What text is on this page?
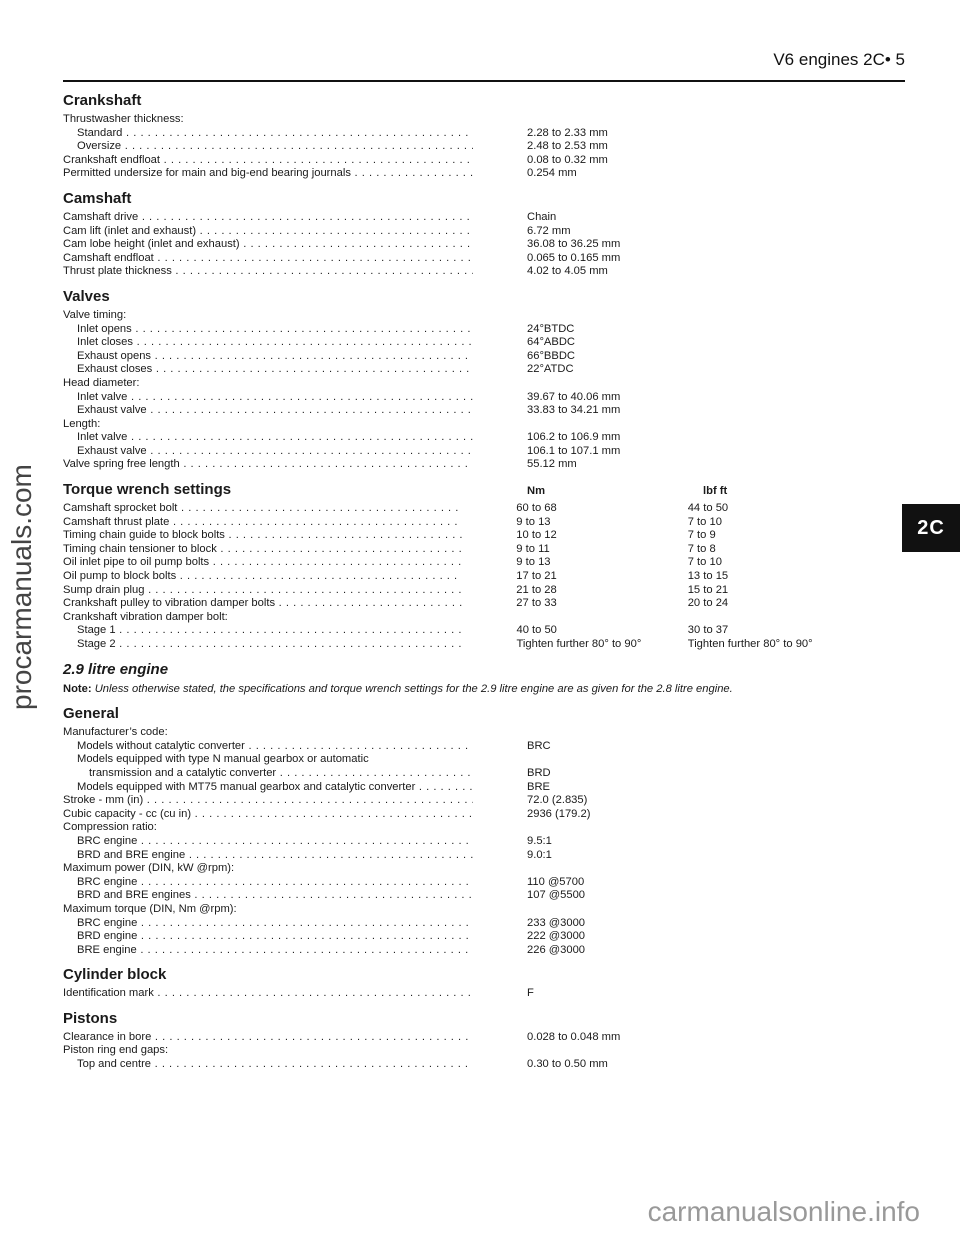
V6 engines 2C• 5
2C
procarmanuals.com
carmanualsonline.info
Crankshaft
Thrustwasher thickness:
Standard . . .	2.28 to 2.33 mm
Oversize . . .	2.48 to 2.53 mm
Crankshaft endfloat . . .	0.08 to 0.32 mm
Permitted undersize for main and big-end bearing journals . . .	0.254 mm
Camshaft
Camshaft drive . . .	Chain
Cam lift (inlet and exhaust) . . .	6.72 mm
Cam lobe height (inlet and exhaust) . . .	36.08 to 36.25 mm
Camshaft endfloat . . .	0.065 to 0.165 mm
Thrust plate thickness . . .	4.02 to 4.05 mm
Valves
Valve timing:
Inlet opens . . .	24°BTDC
Inlet closes . . .	64°ABDC
Exhaust opens . . .	66°BBDC
Exhaust closes . . .	22°ATDC
Head diameter:
Inlet valve . . .	39.67 to 40.06 mm
Exhaust valve . . .	33.83 to 34.21 mm
Length:
Inlet valve . . .	106.2 to 106.9 mm
Exhaust valve . . .	106.1 to 107.1 mm
Valve spring free length . . .	55.12 mm
Torque wrench settings	Nm	lbf ft
Camshaft sprocket bolt . . .	60 to 68	44 to 50
Camshaft thrust plate . . .	9 to 13	7 to 10
Timing chain guide to block bolts . . .	10 to 12	7 to 9
Timing chain tensioner to block . . .	9 to 11	7 to 8
Oil inlet pipe to oil pump bolts . . .	9 to 13	7 to 10
Oil pump to block bolts . . .	17 to 21	13 to 15
Sump drain plug . . .	21 to 28	15 to 21
Crankshaft pulley to vibration damper bolts . . .	27 to 33	20 to 24
Crankshaft vibration damper bolt:
Stage 1 . . .	40 to 50	30 to 37
Stage 2 . . .	Tighten further 80° to 90°	Tighten further 80° to 90°
2.9 litre engine
Note: Unless otherwise stated, the specifications and torque wrench settings for the 2.9 litre engine are as given for the 2.8 litre engine.
General
Manufacturer’s code:
Models without catalytic converter . . .	BRC
Models equipped with type N manual gearbox or automatic
transmission and a catalytic converter . . .	BRD
Models equipped with MT75 manual gearbox and catalytic converter . . .	BRE
Stroke - mm (in) . . .	72.0 (2.835)
Cubic capacity - cc (cu in) . . .	2936 (179.2)
Compression ratio:
BRC engine . . .	9.5:1
BRD and BRE engine . . .	9.0:1
Maximum power (DIN, kW @rpm):
BRC engine . . .	110 @5700
BRD and BRE engines . . .	107 @5500
Maximum torque (DIN, Nm @rpm):
BRC engine . . .	233 @3000
BRD engine . . .	222 @3000
BRE engine . . .	226 @3000
Cylinder block
Identification mark . . .	F
Pistons
Clearance in bore . . .	0.028 to 0.048 mm
Piston ring end gaps:
Top and centre . . .	0.30 to 0.50 mm
